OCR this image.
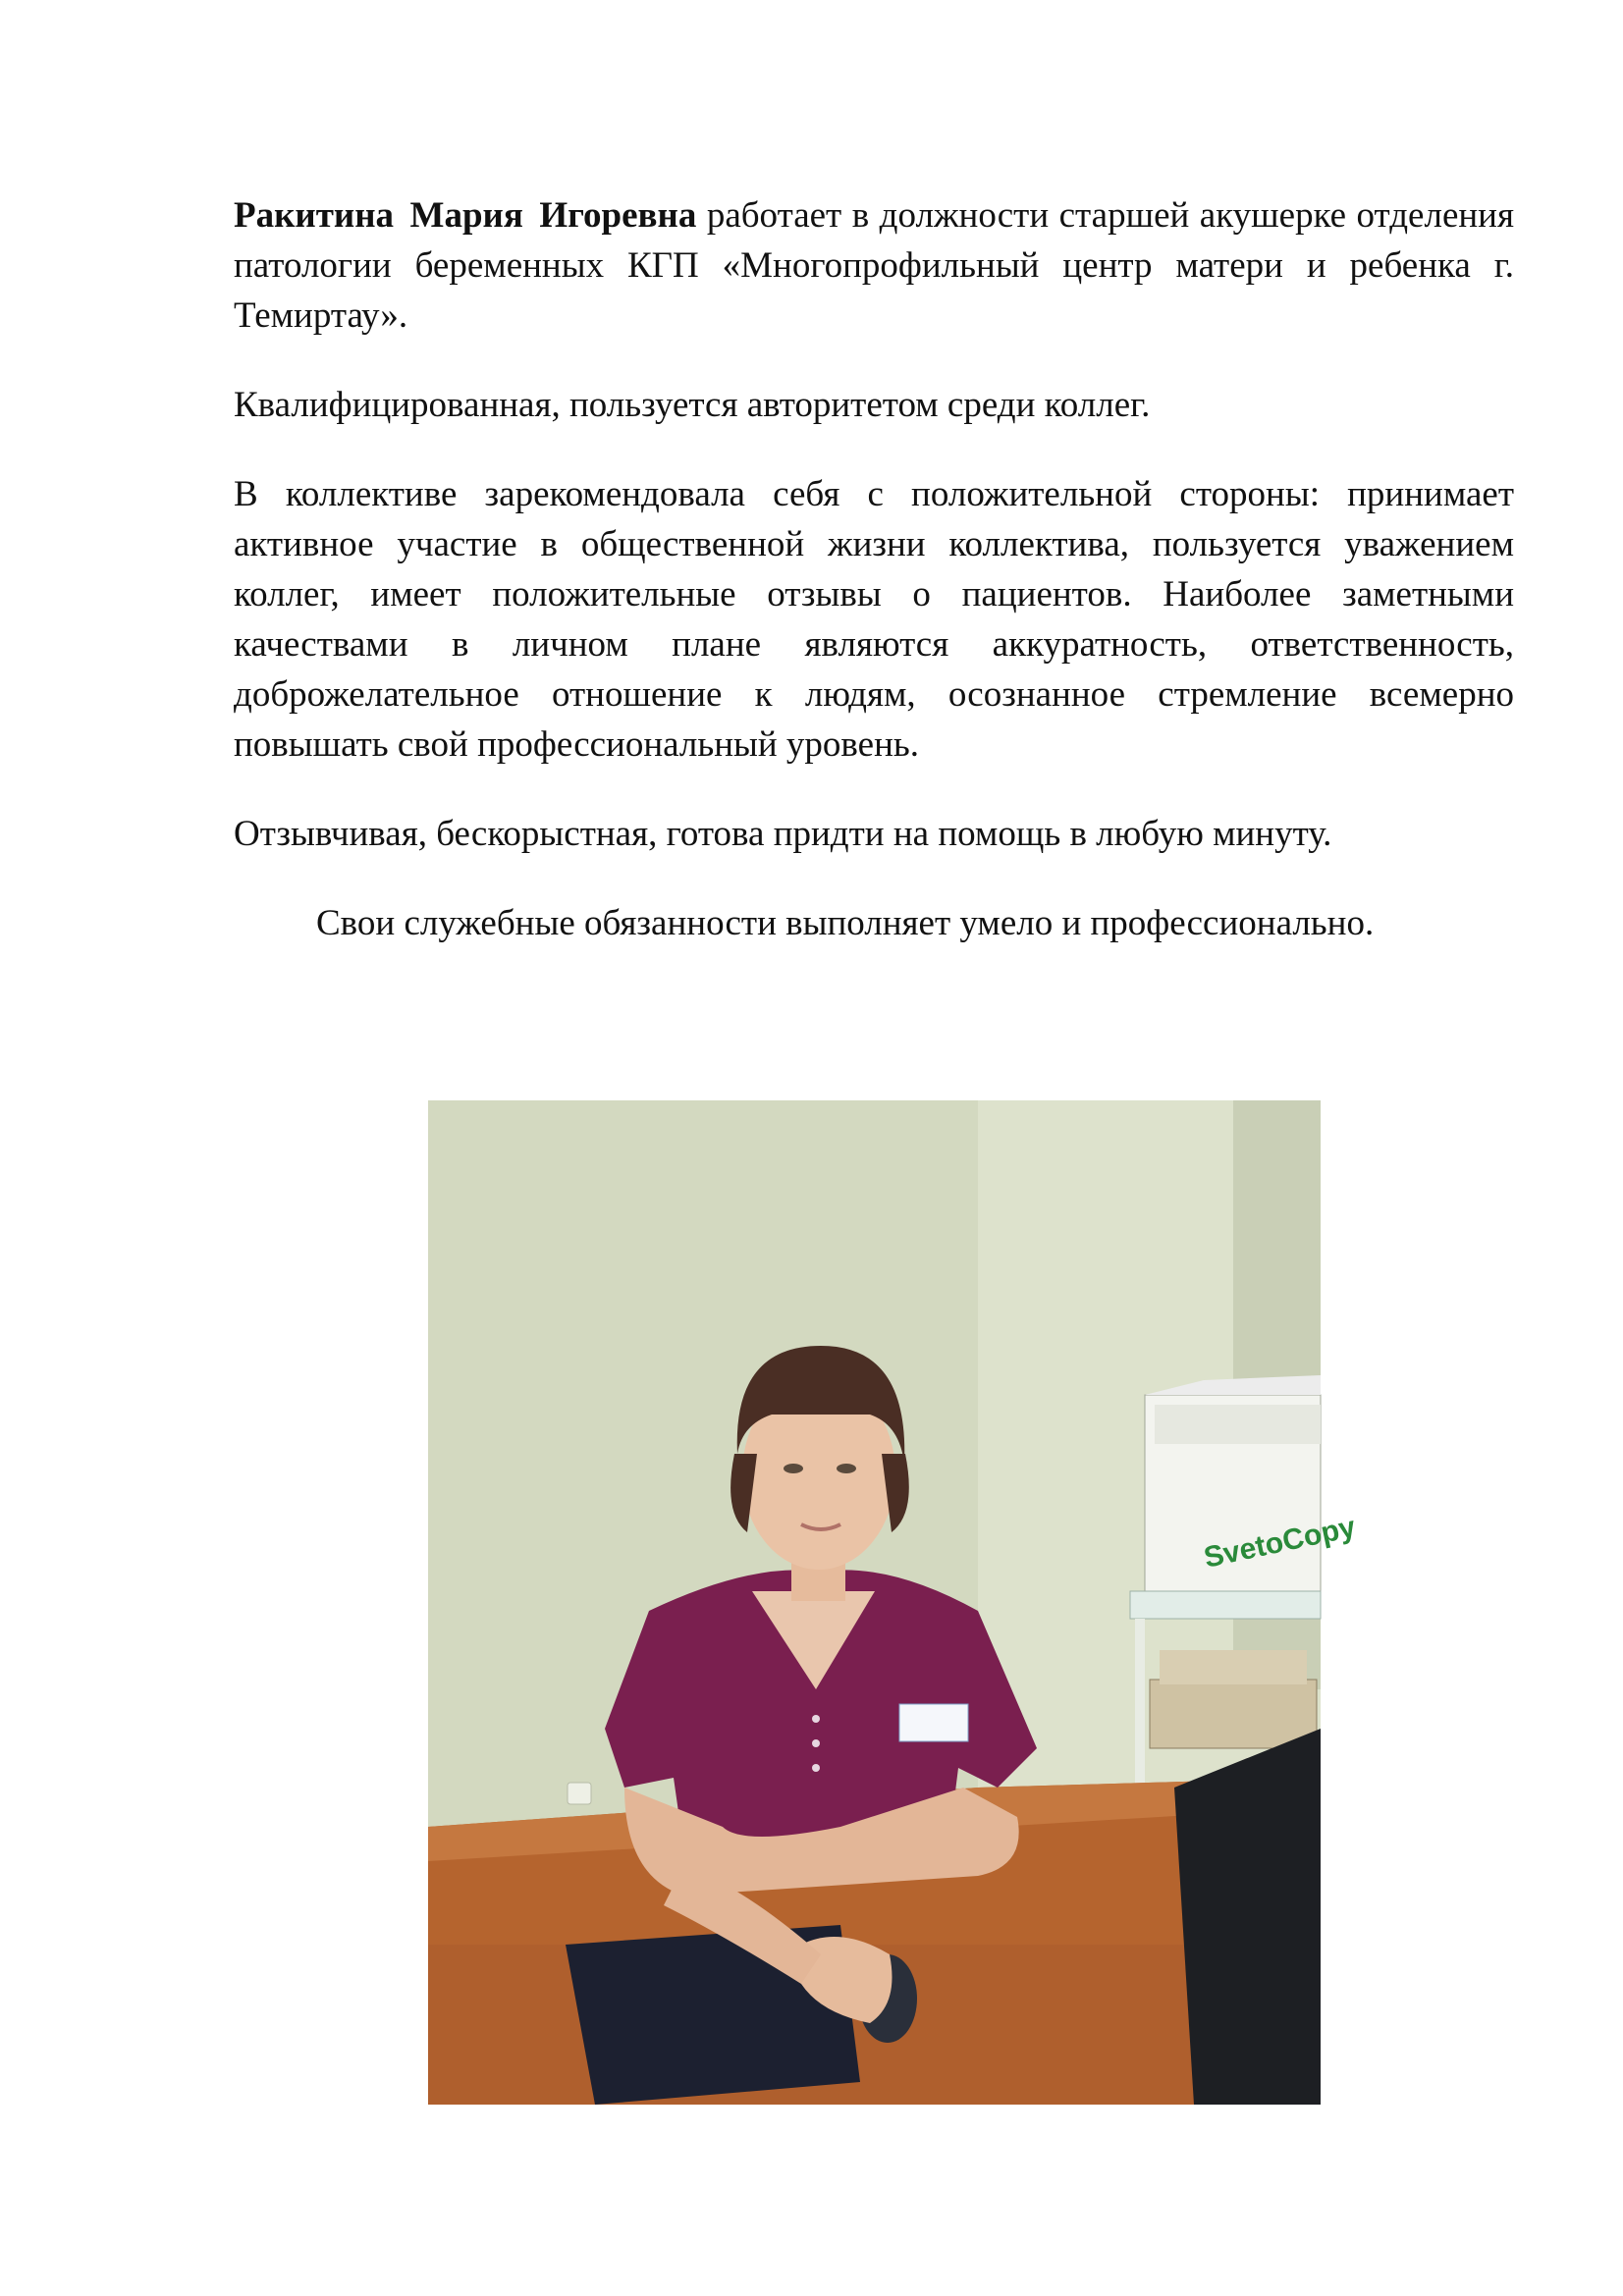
Ракитина Мария Игоревна работает в должности старшей акушерке отделения патологии беременных КГП «Многопрофильный центр матери и ребенка г. Темиртау».

Квалифицированная, пользуется авторитетом среди коллег.

В коллективе зарекомендовала себя с положительной стороны: принимает активное участие в общественной жизни коллектива, пользуется уважением коллег, имеет положительные отзывы о пациентов. Наиболее заметными качествами в личном плане являются аккуратность, ответственность, доброжелательное отношение к людям, осознанное стремление всемерно повышать свой профессиональный уровень.

Отзывчивая, бескорыстная, готова придти на помощь в любую минуту.

Свои служебные обязанности выполняет умело и профессионально.

SvetoCopy
